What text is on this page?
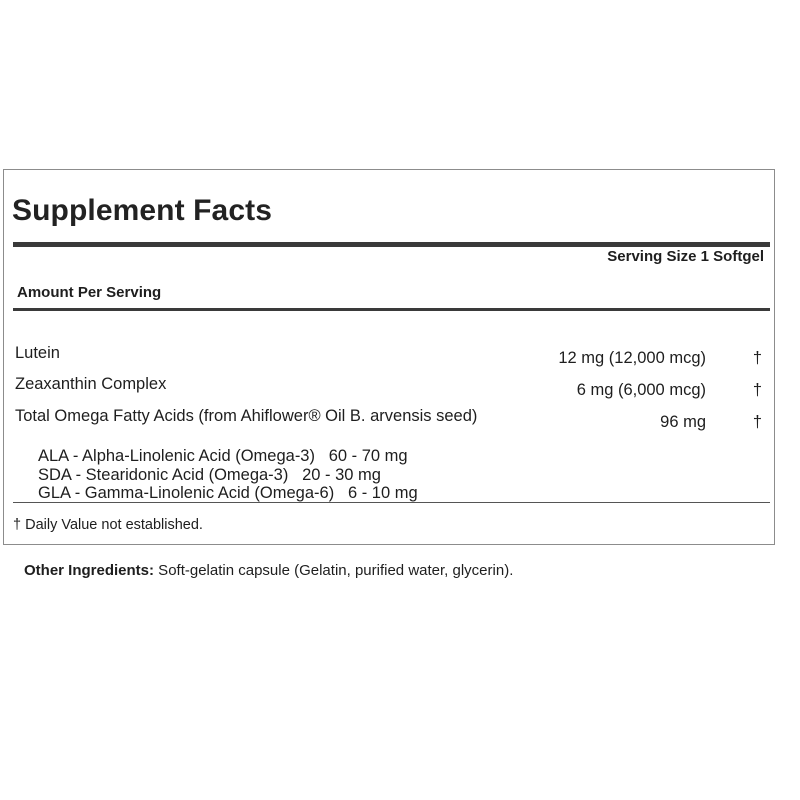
Supplement Facts
Serving Size 1 Softgel
Amount Per Serving
Lutein	12 mg (12,000 mcg)	†
Zeaxanthin Complex	6 mg (6,000 mcg)	†
Total Omega Fatty Acids (from Ahiflower® Oil B. arvensis seed)	96 mg	†
ALA - Alpha-Linolenic Acid (Omega-3)   60 - 70 mg
SDA - Stearidonic Acid (Omega-3)   20 - 30 mg
GLA - Gamma-Linolenic Acid (Omega-6)   6 - 10 mg
† Daily Value not established.
Other Ingredients: Soft-gelatin capsule (Gelatin, purified water, glycerin).
